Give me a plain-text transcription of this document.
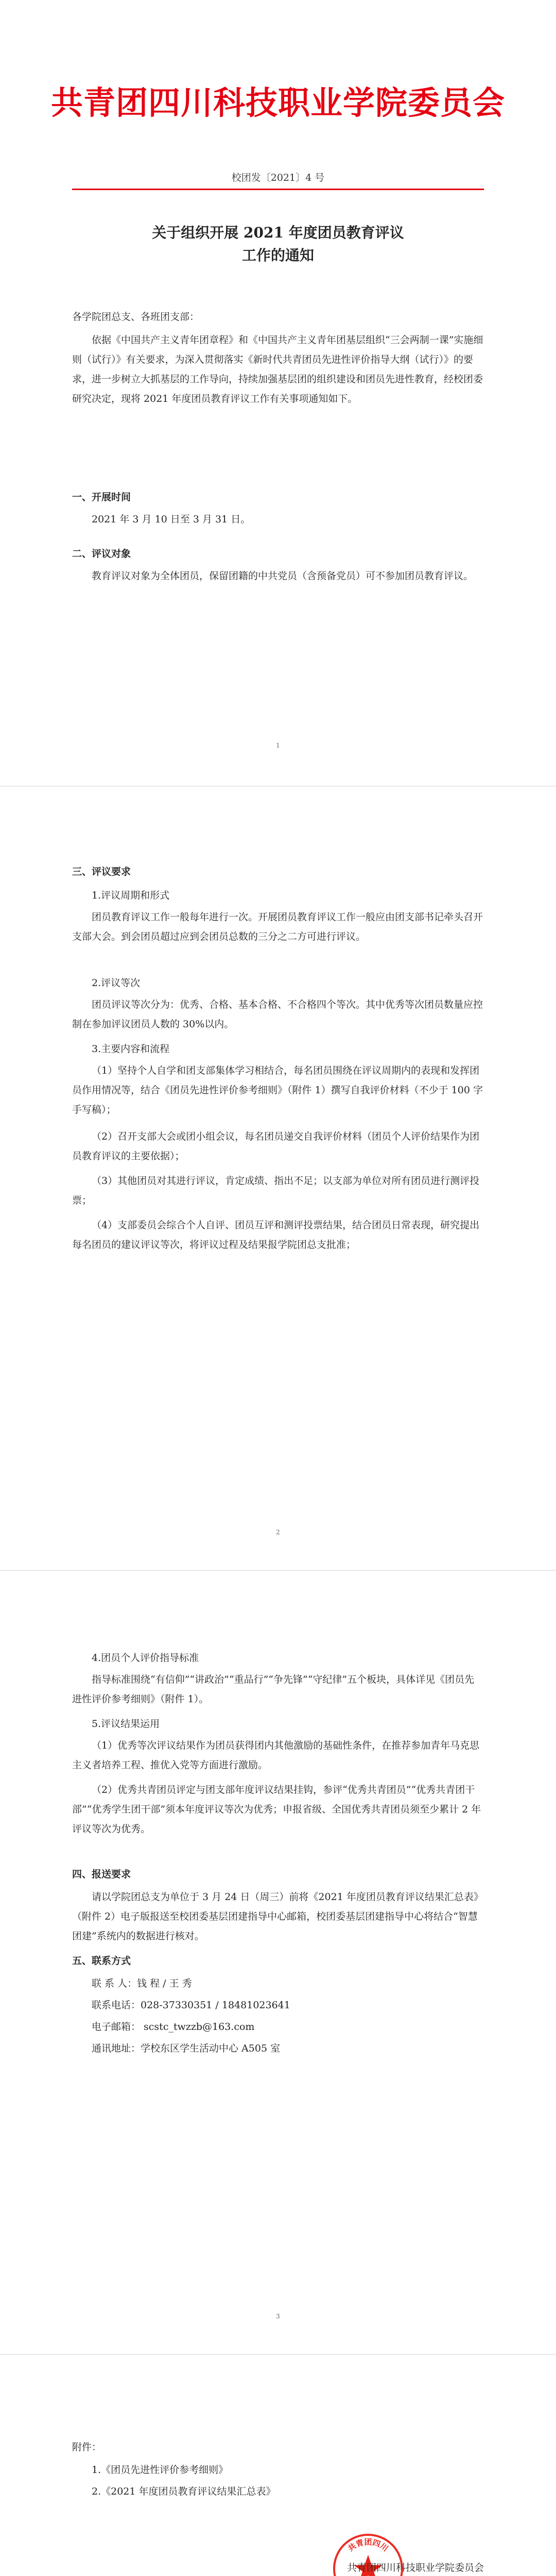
共青团四川科技职业学院委员会
校团发〔2021〕4 号
关于组织开展 2021 年度团员教育评议
工作的通知

各学院团总支、各班团支部：

依据《中国共产主义青年团章程》和《中国共产主义青年团基层组织“三会两制一课”实施细则（试行）》有关要求，为深入贯彻落实《新时代共青团员先进性评价指导大纲（试行）》的要求，进一步树立大抓基层的工作导向，持续加强基层团的组织建设和团员先进性教育，经校团委研究决定，现将 2021 年度团员教育评议工作有关事项通知如下。

一、开展时间

2021 年 3 月 10 日至 3 月 31 日。

二、评议对象

教育评议对象为全体团员，保留团籍的中共党员（含预备党员）可不参加团员教育评议。

1

三、评议要求

1.评议周期和形式

团员教育评议工作一般每年进行一次。开展团员教育评议工作一般应由团支部书记牵头召开支部大会。到会团员超过应到会团员总数的三分之二方可进行评议。

2.评议等次

团员评议等次分为：优秀、合格、基本合格、不合格四个等次。其中优秀等次团员数量应控制在参加评议团员人数的 30%以内。

3.主要内容和流程

（1）坚持个人自学和团支部集体学习相结合，每名团员围绕在评议周期内的表现和发挥团员作用情况等，结合《团员先进性评价参考细则》（附件 1）撰写自我评价材料（不少于 100 字手写稿）；

（2）召开支部大会或团小组会议，每名团员递交自我评价材料（团员个人评价结果作为团员教育评议的主要依据）；

（3）其他团员对其进行评议，肯定成绩、指出不足；以支部为单位对所有团员进行测评投票；

（4）支部委员会综合个人自评、团员互评和测评投票结果，结合团员日常表现，研究提出每名团员的建议评议等次，将评议过程及结果报学院团总支批准；

2

4.团员个人评价指导标准

指导标准围绕“有信仰”“讲政治”“重品行”“争先锋”“守纪律”五个板块，具体详见《团员先进性评价参考细则》（附件 1）。

5.评议结果运用

（1）优秀等次评议结果作为团员获得团内其他激励的基础性条件，在推荐参加青年马克思主义者培养工程、推优入党等方面进行激励。

（2）优秀共青团员评定与团支部年度评议结果挂钩，参评“优秀共青团员”“优秀共青团干部”“优秀学生团干部”须本年度评议等次为优秀；申报省级、全国优秀共青团员须至少累计 2 年评议等次为优秀。

四、报送要求

请以学院团总支为单位于 3 月 24 日（周三）前将《2021 年度团员教育评议结果汇总表》（附件 2）电子版报送至校团委基层团建指导中心邮箱，校团委基层团建指导中心将结合“智慧团建”系统内的数据进行核对。

五、联系方式

联 系 人：钱 程 / 王 秀

联系电话：028-37330351 / 18481023641

电子邮箱： scstc_twzzb@163.com

通讯地址：学校东区学生活动中心 A505 室

3

附件：

1.《团员先进性评价参考细则》

2.《2021 年度团员教育评议结果汇总表》

共青团四川
共青团四川科技职业学院委员会
